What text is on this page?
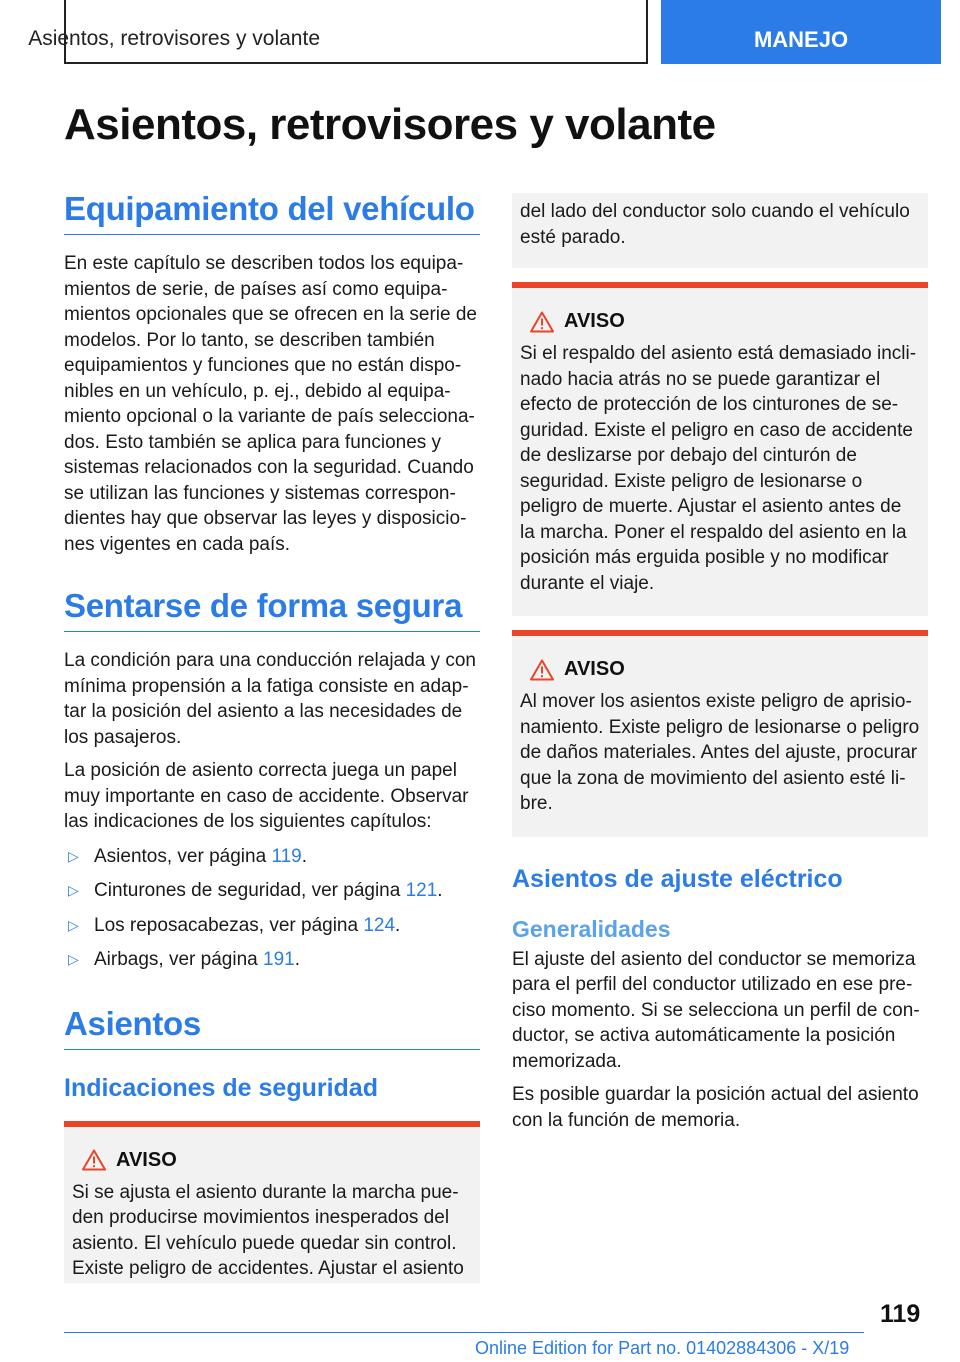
Asientos, retrovisores y volante	MANEJO
Asientos, retrovisores y volante
Equipamiento del vehículo

En este capítulo se describen todos los equipamientos de serie, de países así como equipamientos opcionales que se ofrecen en la serie de modelos. Por lo tanto, se describen también equipamientos y funciones que no están disponibles en un vehículo, p. ej., debido al equipamiento opcional o la variante de país seleccionados. Esto también se aplica para funciones y sistemas relacionados con la seguridad. Cuando se utilizan las funciones y sistemas correspondientes hay que observar las leyes y disposiciones vigentes en cada país.

Sentarse de forma segura

La condición para una conducción relajada y con mínima propensión a la fatiga consiste en adaptar la posición del asiento a las necesidades de los pasajeros.

La posición de asiento correcta juega un papel muy importante en caso de accidente. Observar las indicaciones de los siguientes capítulos:

▷ Asientos, ver página 119.
▷ Cinturones de seguridad, ver página 121.
▷ Los reposacabezas, ver página 124.
▷ Airbags, ver página 191.
Asientos
Indicaciones de seguridad
AVISO

Si se ajusta el asiento durante la marcha pueden producirse movimientos inesperados del asiento. El vehículo puede quedar sin control. Existe peligro de accidentes. Ajustar el asiento

del lado del conductor solo cuando el vehículo esté parado.

AVISO

Si el respaldo del asiento está demasiado inclinado hacia atrás no se puede garantizar el efecto de protección de los cinturones de seguridad. Existe el peligro en caso de accidente de deslizarse por debajo del cinturón de seguridad. Existe peligro de lesionarse o peligro de muerte. Ajustar el asiento antes de la marcha. Poner el respaldo del asiento en la posición más erguida posible y no modificar durante el viaje.

AVISO

Al mover los asientos existe peligro de aprisionamiento. Existe peligro de lesionarse o peligro de daños materiales. Antes del ajuste, procurar que la zona de movimiento del asiento esté libre.

Asientos de ajuste eléctrico
Generalidades

El ajuste del asiento del conductor se memoriza para el perfil del conductor utilizado en ese preciso momento. Si se selecciona un perfil de conductor, se activa automáticamente la posición memorizada.

Es posible guardar la posición actual del asiento con la función de memoria.

119
Online Edition for Part no. 01402884306 - X/19
